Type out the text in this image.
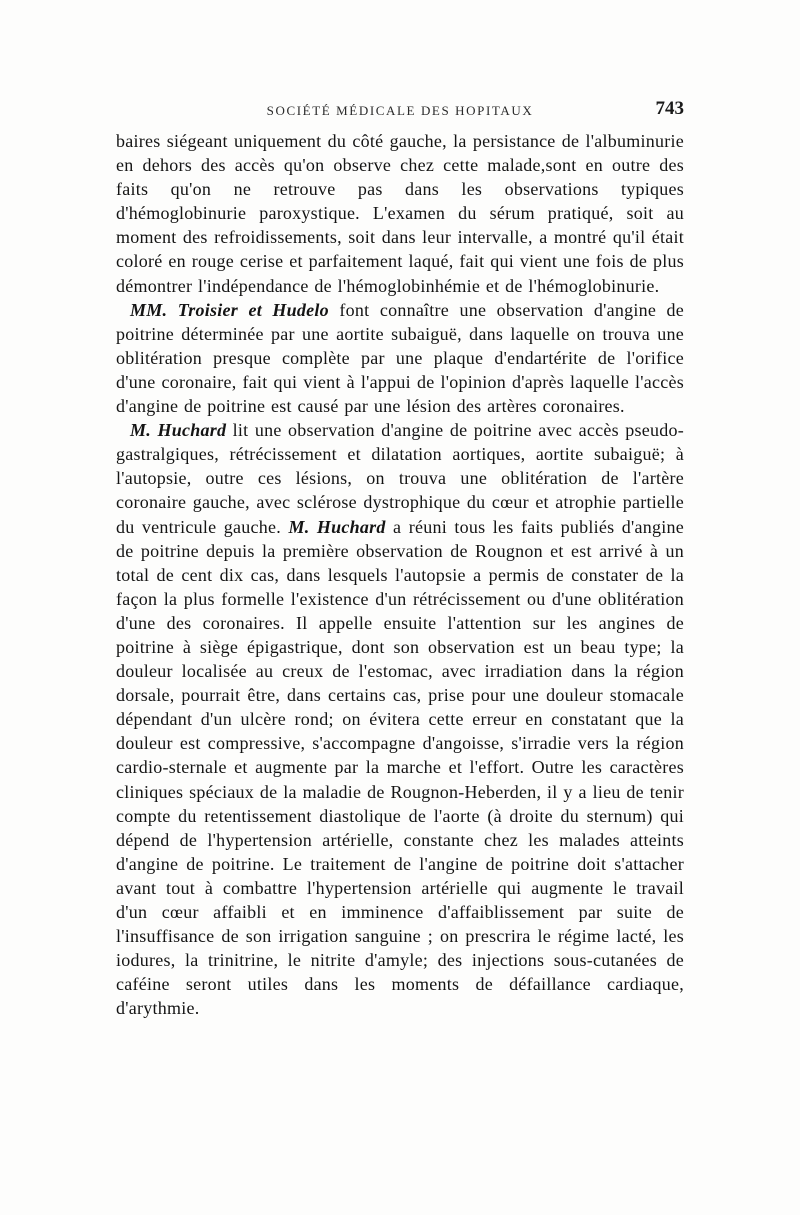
SOCIÉTÉ MÉDICALE DES HOPITAUX	743

baires siégeant uniquement du côté gauche, la persistance de l'albuminurie en dehors des accès qu'on observe chez cette malade,sont en outre des faits qu'on ne retrouve pas dans les observations typiques d'hémoglobinurie paroxystique. L'examen du sérum pratiqué, soit au moment des refroidissements, soit dans leur intervalle, a montré qu'il était coloré en rouge cerise et parfaitement laqué, fait qui vient une fois de plus démontrer l'indépendance de l'hémoglobinhémie et de l'hémoglobinurie.

MM. Troisier et Hudelo font connaître une observation d'angine de poitrine déterminée par une aortite subaiguë, dans laquelle on trouva une oblitération presque complète par une plaque d'endartérite de l'orifice d'une coronaire, fait qui vient à l'appui de l'opinion d'après laquelle l'accès d'angine de poitrine est causé par une lésion des artères coronaires.

M. Huchard lit une observation d'angine de poitrine avec accès pseudo-gastralgiques, rétrécissement et dilatation aortiques, aortite subaiguë; à l'autopsie, outre ces lésions, on trouva une oblitération de l'artère coronaire gauche, avec sclérose dystrophique du cœur et atrophie partielle du ventricule gauche. M. Huchard a réuni tous les faits publiés d'angine de poitrine depuis la première observation de Rougnon et est arrivé à un total de cent dix cas, dans lesquels l'autopsie a permis de constater de la façon la plus formelle l'existence d'un rétrécissement ou d'une oblitération d'une des coronaires. Il appelle ensuite l'attention sur les angines de poitrine à siège épigastrique, dont son observation est un beau type; la douleur localisée au creux de l'estomac, avec irradiation dans la région dorsale, pourrait être, dans certains cas, prise pour une douleur stomacale dépendant d'un ulcère rond; on évitera cette erreur en constatant que la douleur est compressive, s'accompagne d'angoisse, s'irradie vers la région cardio-sternale et augmente par la marche et l'effort. Outre les caractères cliniques spéciaux de la maladie de Rougnon-Heberden, il y a lieu de tenir compte du retentissement diastolique de l'aorte (à droite du sternum) qui dépend de l'hypertension artérielle, constante chez les malades atteints d'angine de poitrine. Le traitement de l'angine de poitrine doit s'attacher avant tout à combattre l'hypertension artérielle qui augmente le travail d'un cœur affaibli et en imminence d'affaiblissement par suite de l'insuffisance de son irrigation sanguine ; on prescrira le régime lacté, les iodures, la trinitrine, le nitrite d'amyle; des injections sous-cutanées de caféine seront utiles dans les moments de défaillance cardiaque, d'arythmie.
